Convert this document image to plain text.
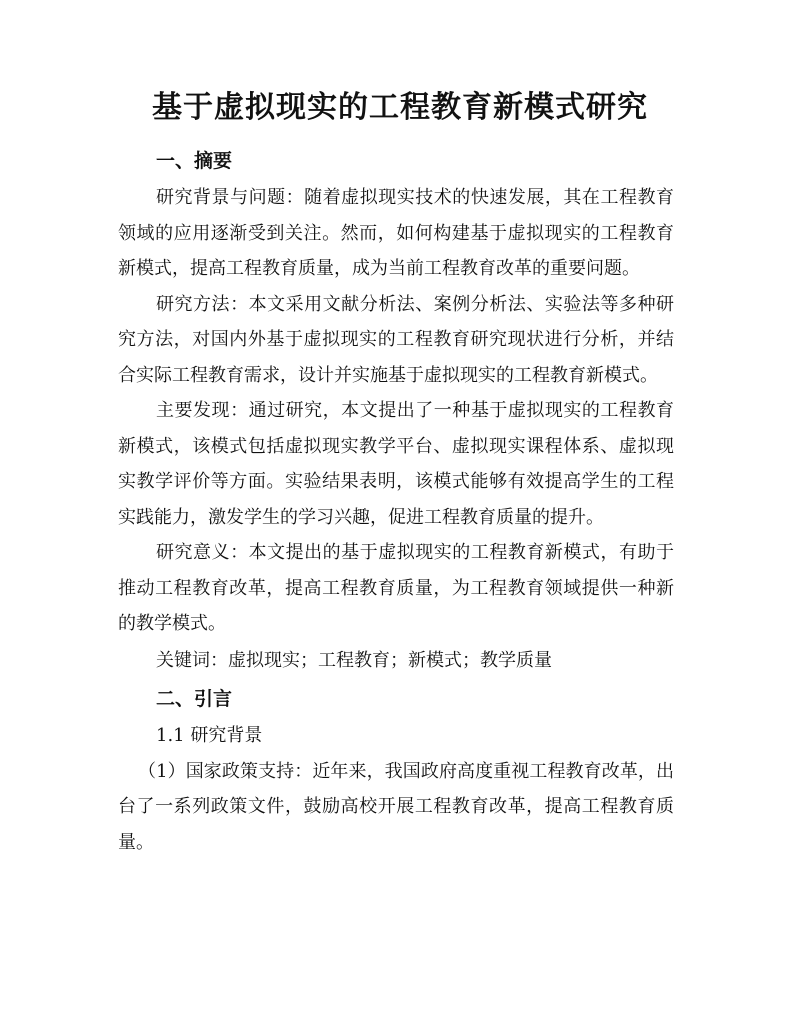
基于虚拟现实的工程教育新模式研究

一、摘要

研究背景与问题：随着虚拟现实技术的快速发展，其在工程教育领域的应用逐渐受到关注。然而，如何构建基于虚拟现实的工程教育新模式，提高工程教育质量，成为当前工程教育改革的重要问题。

研究方法：本文采用文献分析法、案例分析法、实验法等多种研究方法，对国内外基于虚拟现实的工程教育研究现状进行分析，并结合实际工程教育需求，设计并实施基于虚拟现实的工程教育新模式。

主要发现：通过研究，本文提出了一种基于虚拟现实的工程教育新模式，该模式包括虚拟现实教学平台、虚拟现实课程体系、虚拟现实教学评价等方面。实验结果表明，该模式能够有效提高学生的工程实践能力，激发学生的学习兴趣，促进工程教育质量的提升。

研究意义：本文提出的基于虚拟现实的工程教育新模式，有助于推动工程教育改革，提高工程教育质量，为工程教育领域提供一种新的教学模式。

关键词：虚拟现实；工程教育；新模式；教学质量

二、引言

1.1 研究背景

（1）国家政策支持：近年来，我国政府高度重视工程教育改革，出台了一系列政策文件，鼓励高校开展工程教育改革，提高工程教育质量。
